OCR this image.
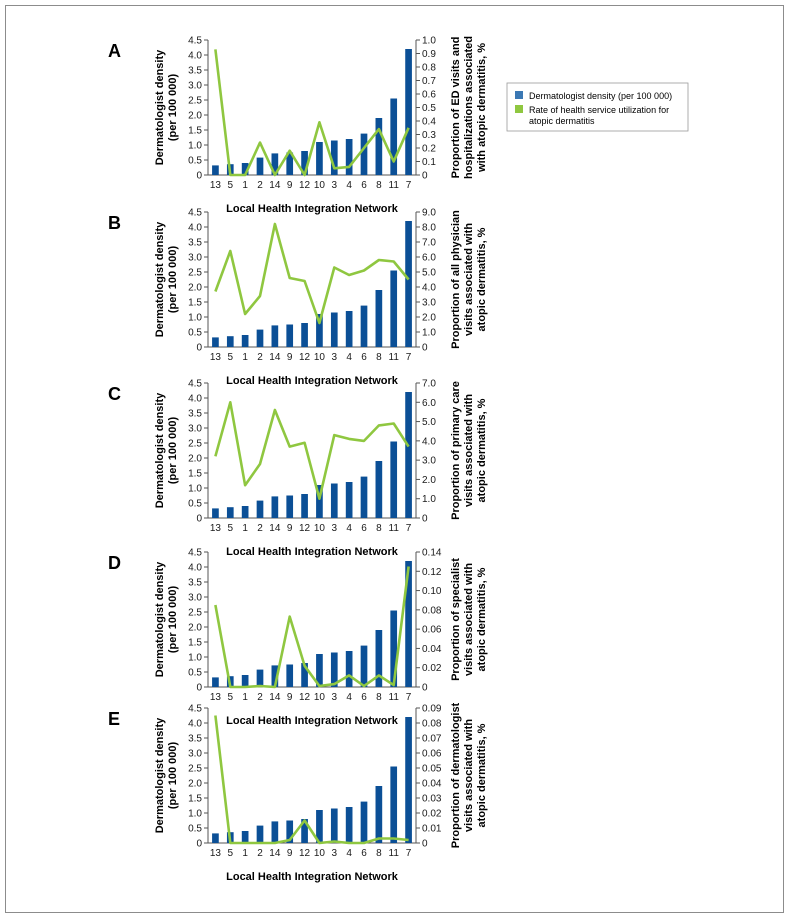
Dermatologist density (per 100 000)
Rate of health service utilization for
atopic dermatitis
A
0
0.5
1.0
1.5
2.0
2.5
3.0
3.5
4.0
4.5
0
0.1
0.2
0.3
0.4
0.5
0.6
0.7
0.8
0.9
1.0
13 5 1 2 14 9 12 10 3 4 6 8 11 7
Local Health Integration Network
Dermatologist density (per 100 000)	Proportion of ED visits and hospitalizations associated with atopic dermatitis, %
B
0
0.5
1.0
1.5
2.0
2.5
3.0
3.5
4.0
4.5
0
1.0
2.0
3.0
4.0
5.0
6.0
7.0
8.0
9.0
13 5 1 2 14 9 12 10 3 4 6 8 11 7
Local Health Integration Network
Dermatologist density (per 100 000)	Proportion of all physician visits associated with atopic dermatitis, %
C
0
0.5
1.0
1.5
2.0
2.5
3.0
3.5
4.0
4.5
0
1.0
2.0
3.0
4.0
5.0
6.0
7.0
13 5 1 2 14 9 12 10 3 4 6 8 11 7
Local Health Integration Network
Dermatologist density (per 100 000)	Proportion of primary care visits associated with atopic dermatitis, %
D
0
0.5
1.0
1.5
2.0
2.5
3.0
3.5
4.0
4.5
0
0.02
0.04
0.06
0.08
0.10
0.12
0.14
13 5 1 2 14 9 12 10 3 4 6 8 11 7
Local Health Integration Network
Dermatologist density (per 100 000)	Proportion of specialist visits associated with atopic dermatitis, %
E
0
0.5
1.0
1.5
2.0
2.5
3.0
3.5
4.0
4.5
0
0.01
0.02
0.03
0.04
0.05
0.06
0.07
0.08
0.09
13 5 1 2 14 9 12 10 3 4 6 8 11 7
Local Health Integration Network
Dermatologist density (per 100 000)	Proportion of dermatologist visits associated with atopic dermatitis, %
